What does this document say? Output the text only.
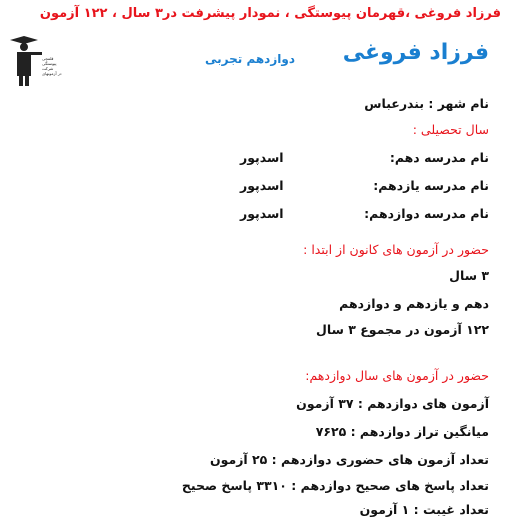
فرزاد فروغی ،قهرمان پیوستگی ، نمودار پیشرفت در۳ سال ، ۱۲۲ آزمون
قلمچی
پیوستگی
شرکت
در آزمونهای
فرزاد فروغی
دوازدهم تجربی
نام شهر : بندرعباس
سال تحصیلی :
نام مدرسه دهم:
اسدپور
نام مدرسه یازدهم:
اسدپور
نام مدرسه دوازدهم:
اسدپور
حضور در آزمون های کانون از ابتدا :
۳ سال
دهم و یازدهم و دوازدهم
۱۲۲ آزمون در مجموع ۳ سال
حضور در آزمون های سال دوازدهم:
آزمون های دوازدهم : ۳۷ آزمون
میانگین تراز دوازدهم : ۷۶۲۵
تعداد آزمون های حضوری دوازدهم : ۲۵ آزمون
تعداد پاسخ های صحیح دوازدهم : ۳۳۱۰ پاسخ صحیح
تعداد غیبت : ۱ آزمون
